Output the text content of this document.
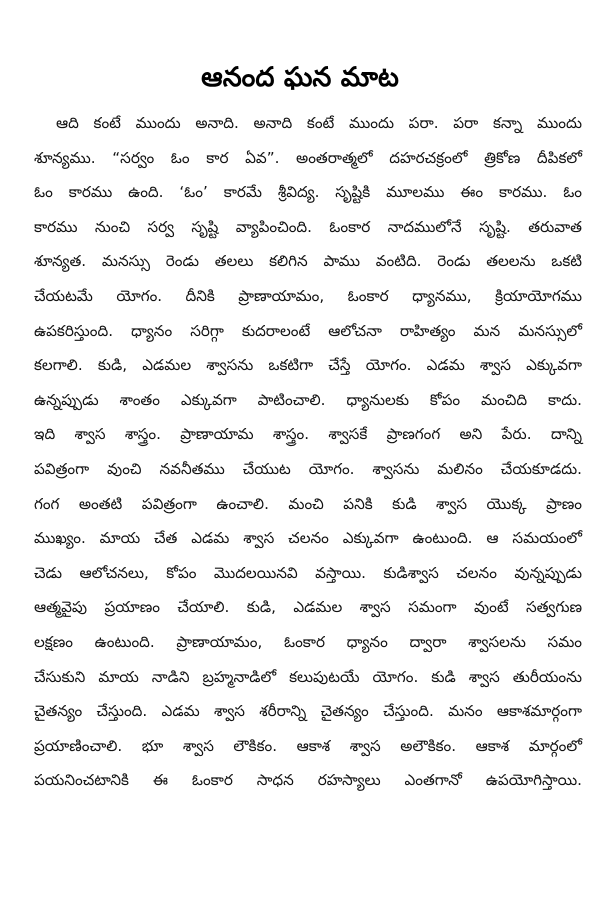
ఆనంద ఘన మాట
ఆది కంటే ముందు అనాది. అనాది కంటే ముందు పరా. పరా కన్నా ముందు
శూన్యము. “సర్వం ఓం కార ఏవ”. అంతరాత్మలో దహరచక్రంలో త్రికోణ దీపికలో
ఓం కారము ఉంది. ‘ఓం’ కారమే శ్రీవిద్య. సృష్టికి మూలము ఈం కారము. ఓం
కారము నుంచి సర్వ సృష్టి వ్యాపించింది. ఓంకార నాదములోనే సృష్టి. తరువాత
శూన్యత. మనస్సు రెండు తలలు కలిగిన పాము వంటిది. రెండు తలలను ఒకటి
చేయటమే యోగం. దీనికి ప్రాణాయామం, ఓంకార ధ్యానము, క్రియాయోగము
ఉపకరిస్తుంది. ధ్యానం సరిగ్గా కుదరాలంటే ఆలోచనా రాహిత్యం మన మనస్సులో
కలగాలి. కుడి, ఎడమల శ్వాసను ఒకటిగా చేస్తే యోగం. ఎడమ శ్వాస ఎక్కువగా
ఉన్నప్పుడు శాంతం ఎక్కువగా పాటించాలి. ధ్యానులకు కోపం మంచిది కాదు.
ఇది శ్వాస శాస్త్రం. ప్రాణాయామ శాస్త్రం. శ్వాసకే ప్రాణగంగ అని పేరు. దాన్ని
పవిత్రంగా వుంచి నవనీతము చేయుట యోగం. శ్వాసను మలినం చేయకూడదు.
గంగ అంతటి పవిత్రంగా ఉంచాలి. మంచి పనికి కుడి శ్వాస యొక్క ప్రాణం
ముఖ్యం. మాయ చేత ఎడమ శ్వాస చలనం ఎక్కువగా ఉంటుంది. ఆ సమయంలో
చెడు ఆలోచనలు, కోపం మొదలయినవి వస్తాయి. కుడిశ్వాస చలనం వున్నప్పుడు
ఆత్మవైపు ప్రయాణం చేయాలి. కుడి, ఎడమల శ్వాస సమంగా వుంటే సత్వగుణ
లక్షణం ఉంటుంది. ప్రాణాయామం, ఓంకార ధ్యానం ద్వారా శ్వాసలను సమం
చేసుకుని మాయ నాడిని బ్రహ్మనాడిలో కలుపుటయే యోగం. కుడి శ్వాస తురీయంను
చైతన్యం చేస్తుంది. ఎడమ శ్వాస శరీరాన్ని చైతన్యం చేస్తుంది. మనం ఆకాశమార్గంగా
ప్రయాణించాలి. భూ శ్వాస లౌకికం. ఆకాశ శ్వాస అలౌకికం. ఆకాశ మార్గంలో
పయనించటానికి ఈ ఓంకార సాధన రహస్యాలు ఎంతగానో ఉపయోగిస్తాయి.
